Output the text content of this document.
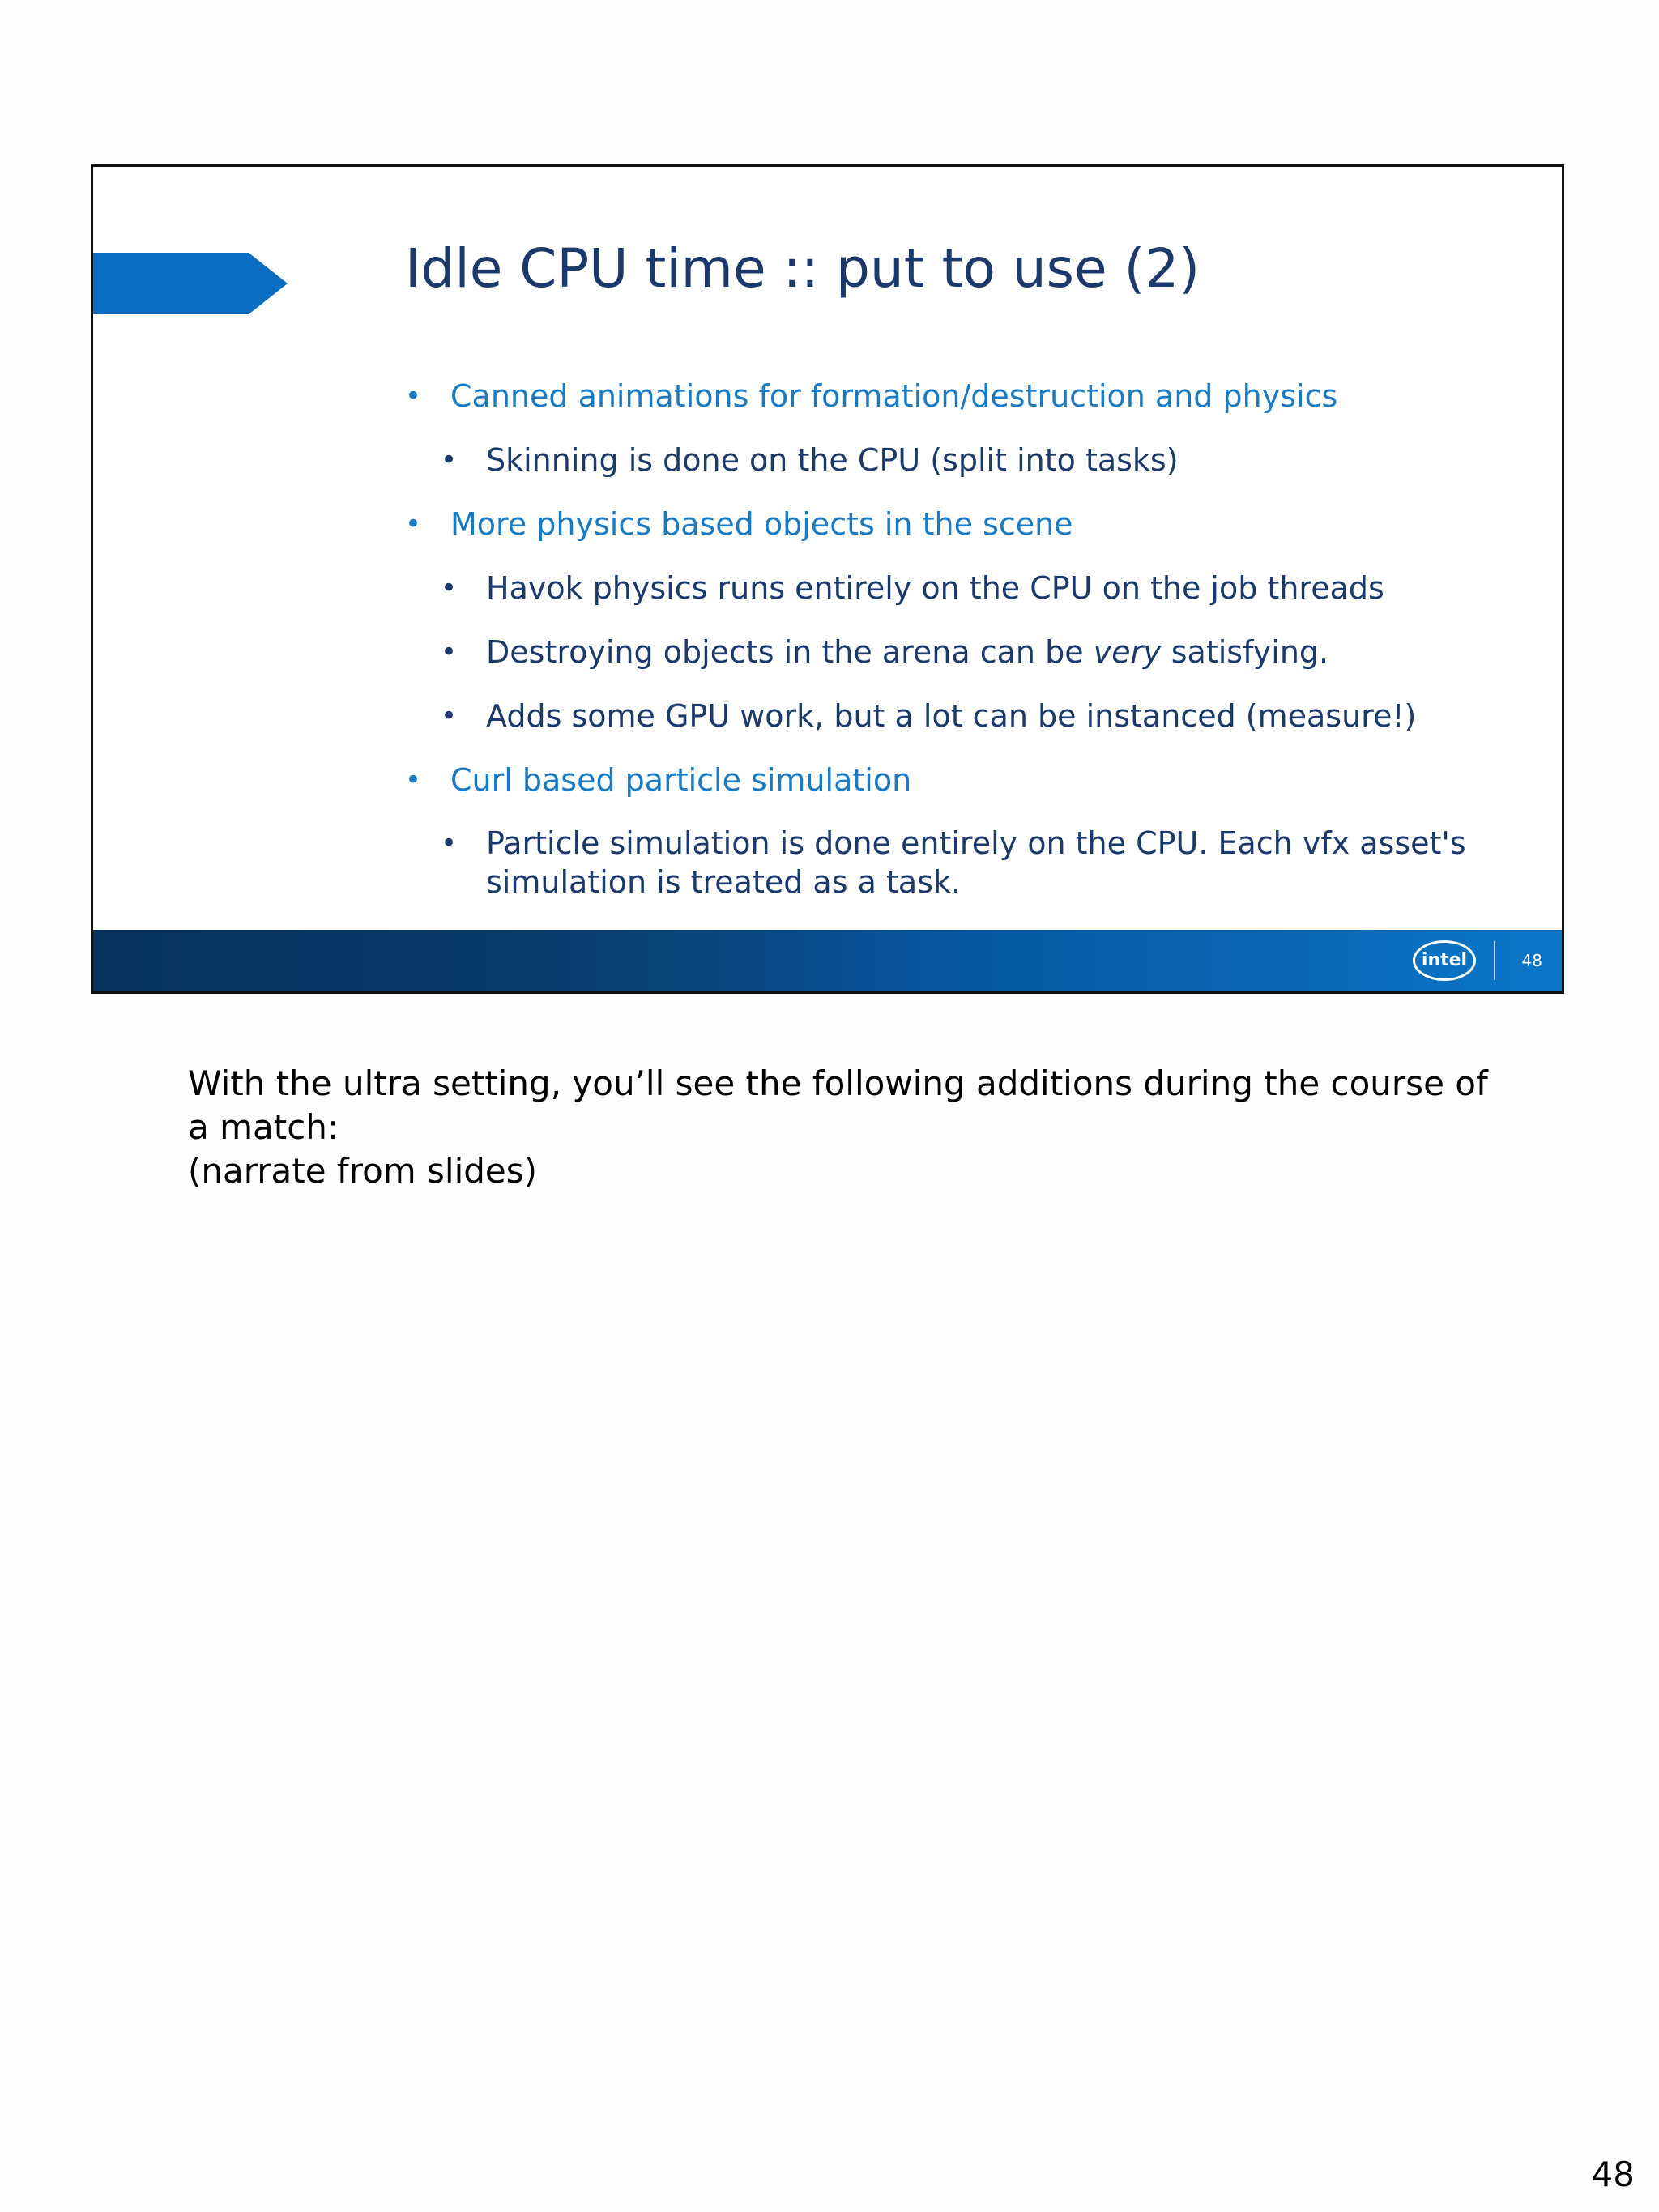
Idle CPU time :: put to use (2)
• Canned animations for formation/destruction and physics
• Skinning is done on the CPU (split into tasks)
• More physics based objects in the scene
• Havok physics runs entirely on the CPU on the job threads
• Destroying objects in the arena can be very satisfying.
• Adds some GPU work, but a lot can be instanced (measure!)
• Curl based particle simulation
• Particle simulation is done entirely on the CPU. Each vfx asset's simulation is treated as a task.
intel	48

With the ultra setting, you’ll see the following additions during the course of a match:

(narrate from slides)

48
